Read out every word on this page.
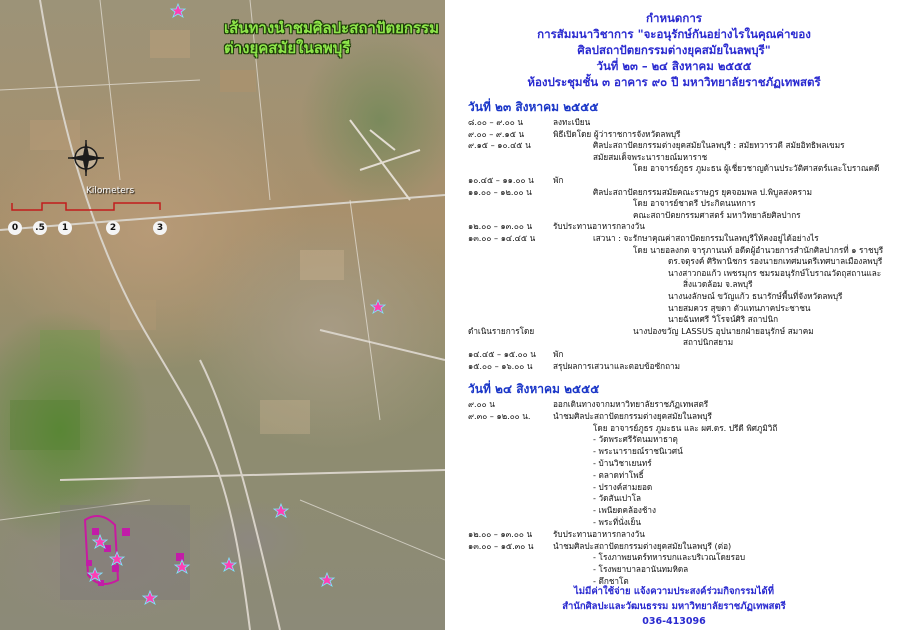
เส้นทางนำชมศิลปะสถาปัตยกรรม
ต่างยุคสมัยในลพบุรี
Kilometers
0	.5	1	2	3
กำหนดการ
การสัมมนาวิชาการ "จะอนุรักษ์กันอย่างไรในคุณค่าของ
ศิลปสถาปัตยกรรมต่างยุคสมัยในลพบุรี"
วันที่ ๒๓ – ๒๔ สิงหาคม ๒๕๕๕
ห้องประชุมชั้น ๓ อาคาร ๙๐ ปี มหาวิทยาลัยราชภัฏเทพสตรี
วันที่ ๒๓ สิงหาคม ๒๕๕๕
๘.๐๐ – ๙.๐๐ น	ลงทะเบียน
๙.๐๐ – ๙.๑๕ น	พิธีเปิดโดย ผู้ว่าราชการจังหวัดลพบุรี
๙.๑๕ – ๑๐.๔๕ น	ศิลปะสถาปัตยกรรมต่างยุคสมัยในลพบุรี : สมัยทวารวดี สมัยอิทธิพลเขมร
สมัยสมเด็จพระนารายณ์มหาราช
โดย อาจารย์ภูธร ภูมะธน ผู้เชี่ยวชาญด้านประวัติศาสตร์และโบราณคดี
๑๐.๔๕ – ๑๑.๐๐ น พัก
๑๑.๐๐ – ๑๒.๐๐ น	ศิลปะสถาปัตยกรรมสมัยคณะราษฎร ยุคจอมพล ป.พิบูลสงคราม
โดย อาจารย์ชาตรี ประกิตนนทการ
คณะสถาปัตยกรรมศาสตร์ มหาวิทยาลัยศิลปากร
๑๒.๐๐ – ๑๓.๐๐ น	รับประทานอาหารกลางวัน
๑๓.๐๐ – ๑๔.๔๕ น	เสวนา : จะรักษาคุณค่าสถาปัตยกรรมในลพบุรีให้คงอยู่ได้อย่างไร
โดย นายอลงกต จารุภานนท์ อดีตผู้อำนวยการสำนักศิลปากรที่ ๑ ราชบุรี
ดร.จตุรงค์ ศิริพานิชกร รองนายกเทศมนตรีเทศบาลเมืองลพบุรี
นางสาวกอแก้ว เพชรมุกร ชมรมอนุรักษ์โบราณวัตถุสถานและ
สิ่งแวดล้อม จ.ลพบุรี
นางนงลักษณ์ ขวัญแก้ว ธนารักษ์พื้นที่จังหวัดลพบุรี
นายสมควร สุขดา ตัวแทนภาคประชาชน
นายฉันทศรี วิโรจน์ศิริ สถาปนิก
ดำเนินรายการโดย	นางปองขวัญ LASSUS อุปนายกฝ่ายอนุรักษ์ สมาคม
สถาปนิกสยาม
๑๔.๔๕ – ๑๕.๐๐ น พัก
๑๕.๐๐ – ๑๖.๐๐ น	สรุปผลการเสวนาและตอบข้อซักถาม
วันที่ ๒๔ สิงหาคม ๒๕๕๕
๙.๐๐ น	ออกเดินทางจากมหาวิทยาลัยราชภัฏเทพสตรี
๙.๓๐ – ๑๒.๐๐ น.	นำชมศิลปะสถาปัตยกรรมต่างยุคสมัยในลพบุรี
โดย อาจารย์ภูธร ภูมะธน และ ผศ.ดร. ปรีดี พิศภูมิวิถี
- วัดพระศรีรัตนมหาธาตุ
- พระนารายณ์ราชนิเวศน์
- บ้านวิชาเยนทร์
- ตลาดท่าโพธิ์
- ปรางค์สามยอด
- วัดสันเปาโล
- เพนียดคล้องช้าง
- พระที่นั่งเย็น
๑๒.๐๐ – ๑๓.๐๐ น	รับประทานอาหารกลางวัน
๑๓.๐๐ – ๑๕.๓๐ น นำชมศิลปะสถาปัตยกรรมต่างยุคสมัยในลพบุรี (ต่อ)
- โรงภาพยนตร์ทหารบกและบริเวณโดยรอบ
- โรงพยาบาลอานันทมหิดล
- ตึกชาโต
ไม่มีค่าใช้จ่าย แจ้งความประสงค์ร่วมกิจกรรมได้ที่
สำนักศิลปะและวัฒนธรรม มหาวิทยาลัยราชภัฏเทพสตรี
036-413096
